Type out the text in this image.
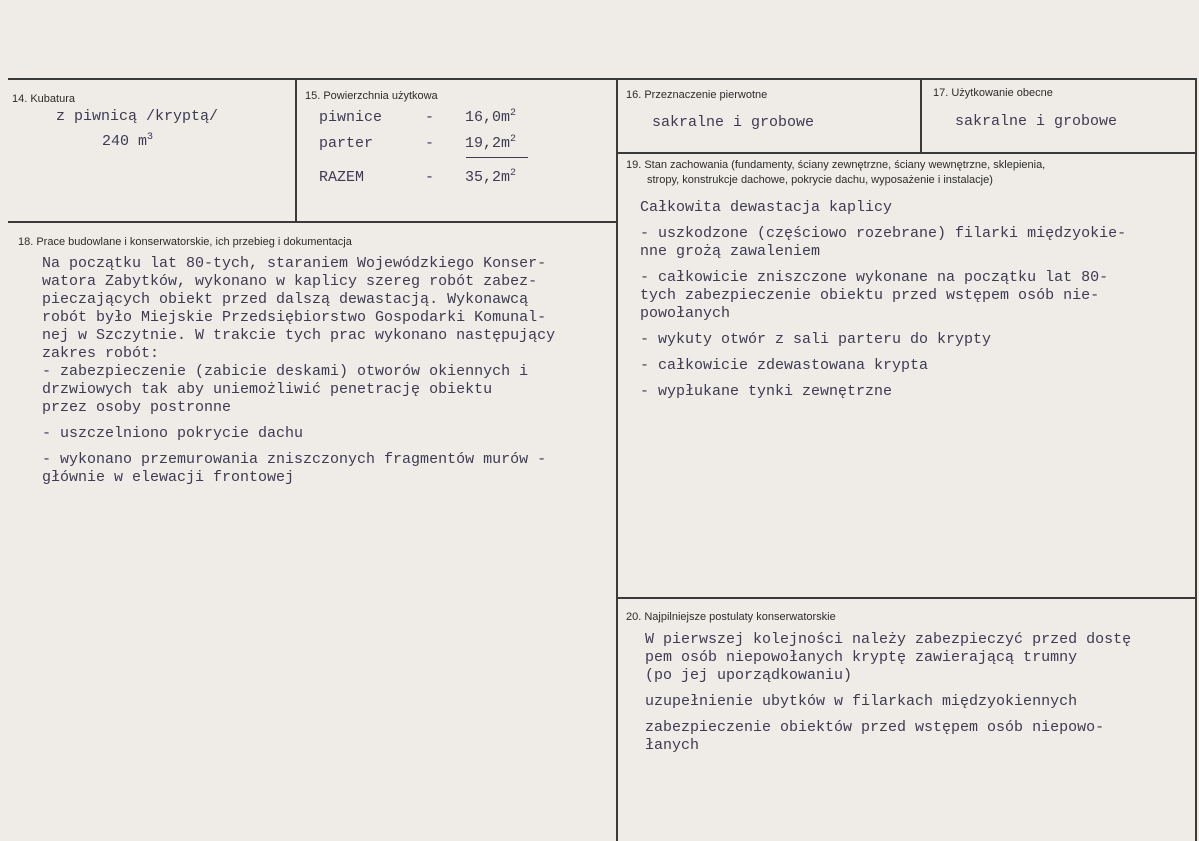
14. Kubatura
z piwnicą /kryptą/
240 $m^3$
15. Powierzchnia użytkowa
piwnice	- $16,0m^2$
parter	- $19,2m^2$
RAZEM	- $35,2m^2$
16. Przeznaczenie pierwotne
sakralne i grobowe
17. Użytkowanie obecne
sakralne i grobowe
19. Stan zachowania (fundamenty, ściany zewnętrzne, ściany wewnętrzne, sklepienia,
stropy, konstrukcje dachowe, pokrycie dachu, wyposażenie i instalacje)
Całkowita dewastacja kaplicy
- uszkodzone (częściowo rozebrane) filarki międzyokie-
nne grożą zawaleniem
- całkowicie zniszczone wykonane na początku lat 80-
tych zabezpieczenie obiektu przed wstępem osób nie-
powołanych
- wykuty otwór z sali parteru do krypty
- całkowicie zdewastowana krypta
- wypłukane tynki zewnętrzne
18. Prace budowlane i konserwatorskie, ich przebieg i dokumentacja
Na początku lat 80-tych, staraniem Wojewódzkiego Konser-
watora Zabytków, wykonano w kaplicy szereg robót zabez-
pieczających obiekt przed dalszą dewastacją. Wykonawcą
robót było Miejskie Przedsiębiorstwo Gospodarki Komunal-
nej w Szczytnie. W trakcie tych prac wykonano następujący
zakres robót:
- zabezpieczenie (zabicie deskami) otworów okiennych i
drzwiowych tak aby uniemożliwić penetrację obiektu
przez osoby postronne
- uszczelniono pokrycie dachu
- wykonano przemurowania zniszczonych fragmentów murów -
głównie w elewacji frontowej
20. Najpilniejsze postulaty konserwatorskie
W pierwszej kolejności należy zabezpieczyć przed dostę
pem osób niepowołanych kryptę zawierającą trumny
(po jej uporządkowaniu)
uzupełnienie ubytków w filarkach międzyokiennych
zabezpieczenie obiektów przed wstępem osób niepowo-
łanych
